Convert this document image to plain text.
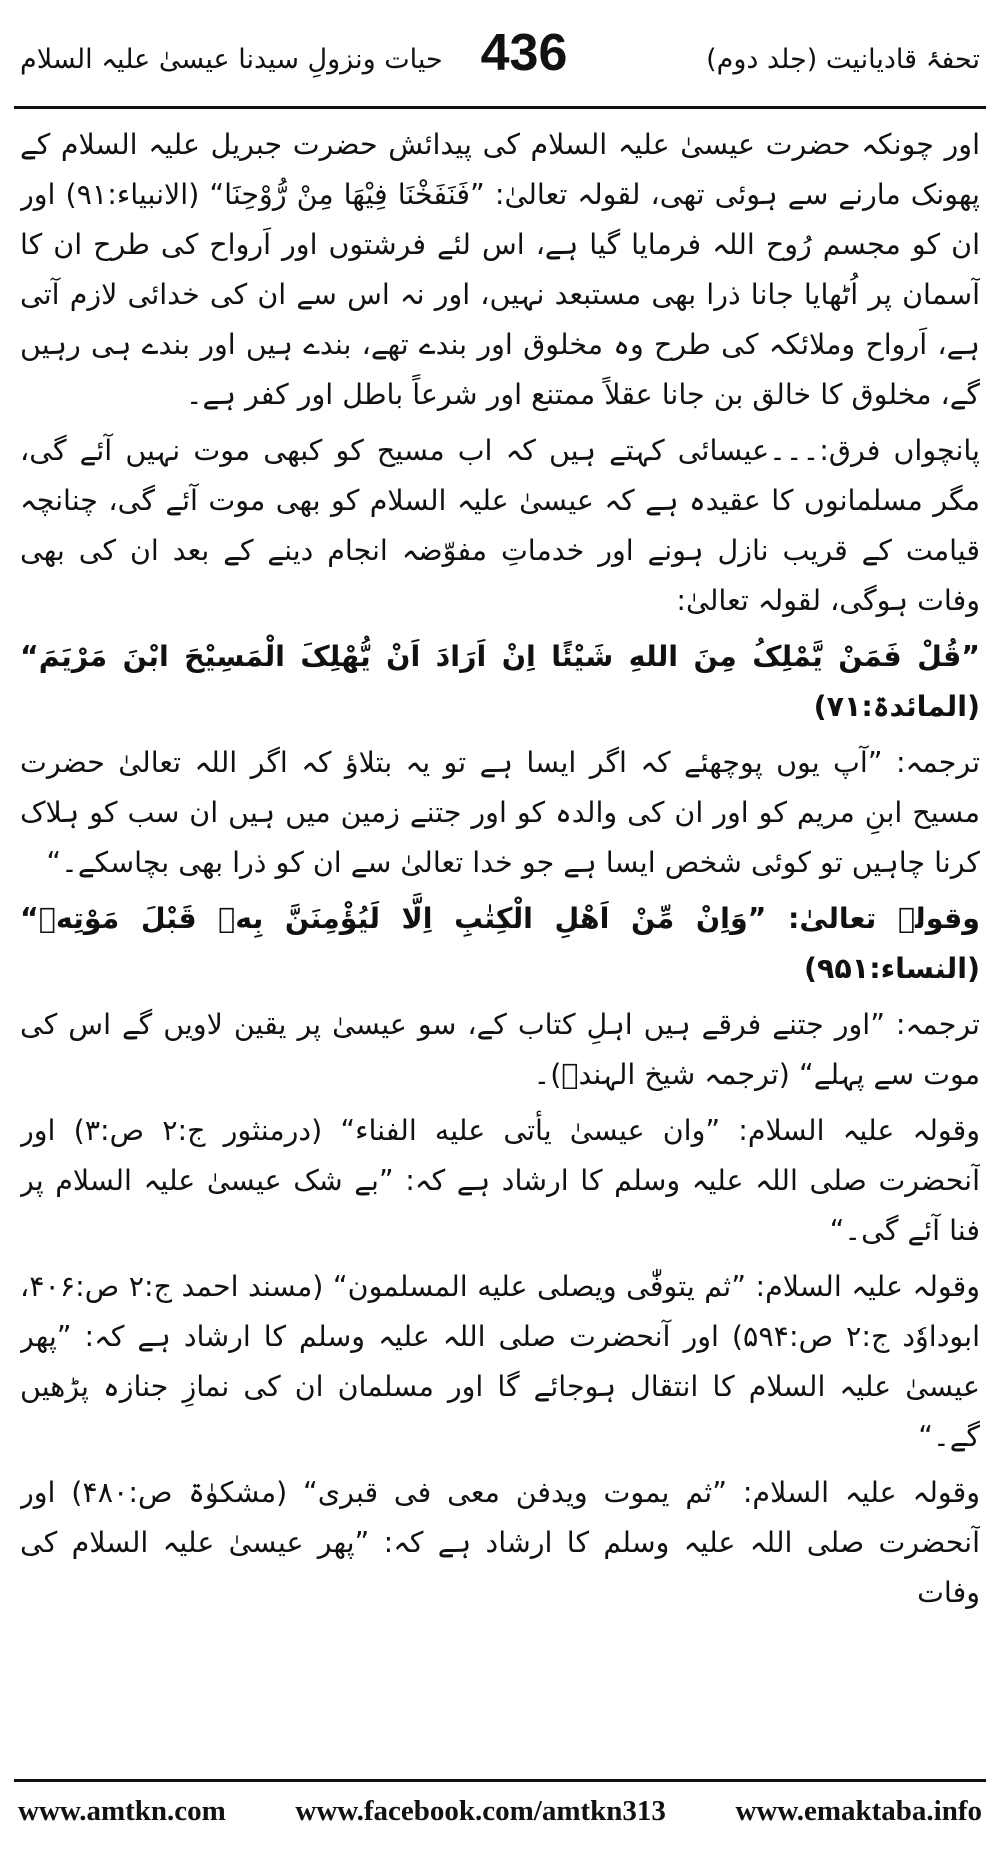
تحفۂ قادیانیت (جلد دوم)
436
حیات ونزولِ سیدنا عیسیٰ علیہ السلام

اور چونکہ حضرت عیسیٰ علیہ السلام کی پیدائش حضرت جبریل علیہ السلام کے پھونک مارنے سے ہوئی تھی، لقولہ تعالیٰ: ”فَنَفَخْنَا فِیْھَا مِنْ رُّوْحِنَا“ (الانبیاء:۹۱) اور ان کو مجسم رُوح اللہ فرمایا گیا ہے، اس لئے فرشتوں اور اَرواح کی طرح ان کا آسمان پر اُٹھایا جانا ذرا بھی مستبعد نہیں، اور نہ اس سے ان کی خدائی لازم آتی ہے، اَرواح وملائکہ کی طرح وہ مخلوق اور بندے تھے، بندے ہیں اور بندے ہی رہیں گے، مخلوق کا خالق بن جانا عقلاً ممتنع اور شرعاً باطل اور کفر ہے۔

پانچواں فرق:۔۔۔عیسائی کہتے ہیں کہ اب مسیح کو کبھی موت نہیں آئے گی، مگر مسلمانوں کا عقیدہ ہے کہ عیسیٰ علیہ السلام کو بھی موت آئے گی، چنانچہ قیامت کے قریب نازل ہونے اور خدماتِ مفوّضہ انجام دینے کے بعد ان کی بھی وفات ہوگی، لقولہ تعالیٰ:

”قُلْ فَمَنْ یَّمْلِکُ مِنَ اللهِ شَیْئًا اِنْ اَرَادَ اَنْ یُّھْلِکَ الْمَسِیْحَ ابْنَ مَرْیَمَ“ (المائدۃ:۷۱)

ترجمہ: ”آپ یوں پوچھئے کہ اگر ایسا ہے تو یہ بتلاؤ کہ اگر اللہ تعالیٰ حضرت مسیح ابنِ مریم کو اور ان کی والدہ کو اور جتنے زمین میں ہیں ان سب کو ہلاک کرنا چاہیں تو کوئی شخص ایسا ہے جو خدا تعالیٰ سے ان کو ذرا بھی بچاسکے۔“

وقولہ تعالیٰ: ”وَاِنْ مِّنْ اَھْلِ الْکِتٰبِ اِلَّا لَیُؤْمِنَنَّ بِهٖ قَبْلَ مَوْتِهٖ“ (النساء:۹۵۱)

ترجمہ: ”اور جتنے فرقے ہیں اہلِ کتاب کے، سو عیسیٰ پر یقین لاویں گے اس کی موت سے پہلے“ (ترجمہ شیخ الہندؒ)۔

وقولہ علیہ السلام: ”وان عیسیٰ یأتی علیه الفناء“ (درمنثور ج:۲ ص:۳) اور آنحضرت صلی اللہ علیہ وسلم کا ارشاد ہے کہ: ”بے شک عیسیٰ علیہ السلام پر فنا آئے گی۔“

وقولہ علیہ السلام: ”ثم یتوفّٰی ویصلی علیه المسلمون“ (مسند احمد ج:۲ ص:۴۰۶، ابوداوٗد ج:۲ ص:۵۹۴) اور آنحضرت صلی اللہ علیہ وسلم کا ارشاد ہے کہ: ”پھر عیسیٰ علیہ السلام کا انتقال ہوجائے گا اور مسلمان ان کی نمازِ جنازہ پڑھیں گے۔“

وقولہ علیہ السلام: ”ثم یموت ویدفن معی فی قبری“ (مشکوٰۃ ص:۴۸۰) اور آنحضرت صلی اللہ علیہ وسلم کا ارشاد ہے کہ: ”پھر عیسیٰ علیہ السلام کی وفات

www.amtkn.com www.facebook.com/amtkn313 www.emaktaba.info
